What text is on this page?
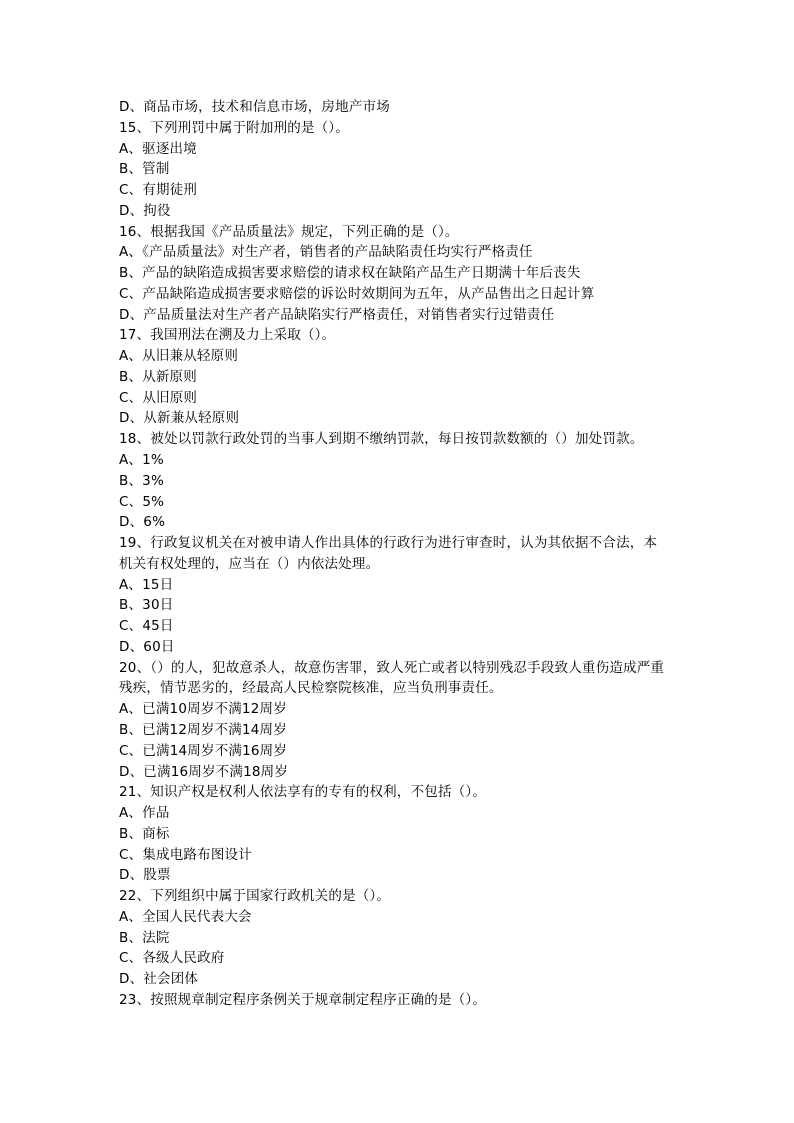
D、商品市场，技术和信息市场，房地产市场
15、下列刑罚中属于附加刑的是（）。
A、驱逐出境
B、管制
C、有期徒刑
D、拘役
16、根据我国《产品质量法》规定，下列正确的是（）。
A、《产品质量法》对生产者，销售者的产品缺陷责任均实行严格责任
B、产品的缺陷造成损害要求赔偿的请求权在缺陷产品生产日期满十年后丧失
C、产品缺陷造成损害要求赔偿的诉讼时效期间为五年，从产品售出之日起计算
D、产品质量法对生产者产品缺陷实行严格责任，对销售者实行过错责任
17、我国刑法在溯及力上采取（）。
A、从旧兼从轻原则
B、从新原则
C、从旧原则
D、从新兼从轻原则
18、被处以罚款行政处罚的当事人到期不缴纳罚款，每日按罚款数额的（）加处罚款。
A、1%
B、3%
C、5%
D、6%
19、行政复议机关在对被申请人作出具体的行政行为进行审查时，认为其依据不合法，本
机关有权处理的，应当在（）内依法处理。
A、15日
B、30日
C、45日
D、60日
20、（）的人，犯故意杀人，故意伤害罪，致人死亡或者以特别残忍手段致人重伤造成严重
残疾，情节恶劣的，经最高人民检察院核准，应当负刑事责任。
A、已满10周岁不满12周岁
B、已满12周岁不满14周岁
C、已满14周岁不满16周岁
D、已满16周岁不满18周岁
21、知识产权是权利人依法享有的专有的权利，不包括（）。
A、作品
B、商标
C、集成电路布图设计
D、股票
22、下列组织中属于国家行政机关的是（）。
A、全国人民代表大会
B、法院
C、各级人民政府
D、社会团体
23、按照规章制定程序条例关于规章制定程序正确的是（）。
